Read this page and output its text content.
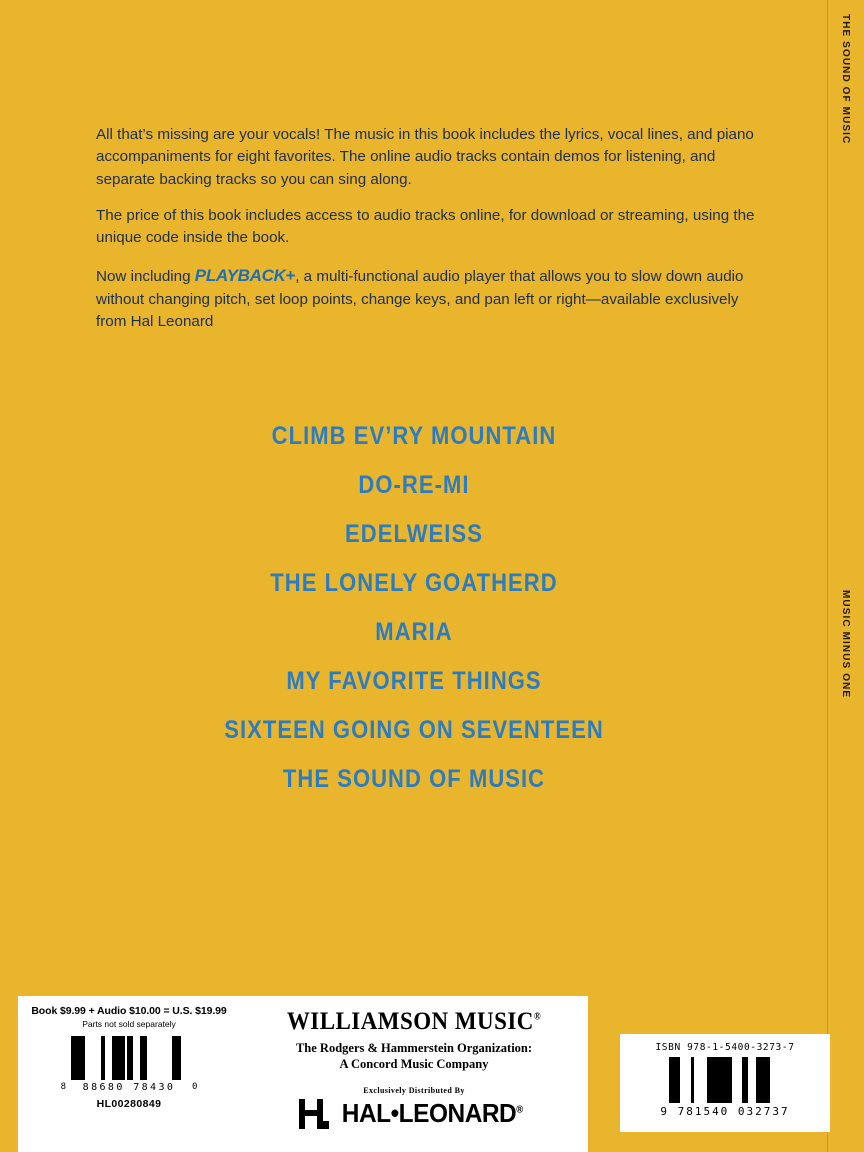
THE SOUND OF MUSIC
MUSIC MINUS ONE

All that’s missing are your vocals! The music in this book includes the lyrics, vocal lines, and piano accompaniments for eight favorites. The online audio tracks contain demos for listening, and separate backing tracks so you can sing along.

The price of this book includes access to audio tracks online, for download or streaming, using the unique code inside the book.

Now including PLAYBACK+, a multi-functional audio player that allows you to slow down audio without changing pitch, set loop points, change keys, and pan left or right—available exclusively from Hal Leonard

CLIMB EV’RY MOUNTAIN
DO-RE-MI
EDELWEISS
THE LONELY GOATHERD
MARIA
MY FAVORITE THINGS
SIXTEEN GOING ON SEVENTEEN
THE SOUND OF MUSIC
Book $9.99 + Audio $10.00 = U.S. $19.99
Parts not sold separately
8	88680 78430	0
HL00280849
WILLIAMSON MUSIC®
The Rodgers & Hammerstein Organization:
A Concord Music Company
Exclusively Distributed By
HAL•LEONARD®
ISBN 978-1-5400-3273-7
9 781540 032737
